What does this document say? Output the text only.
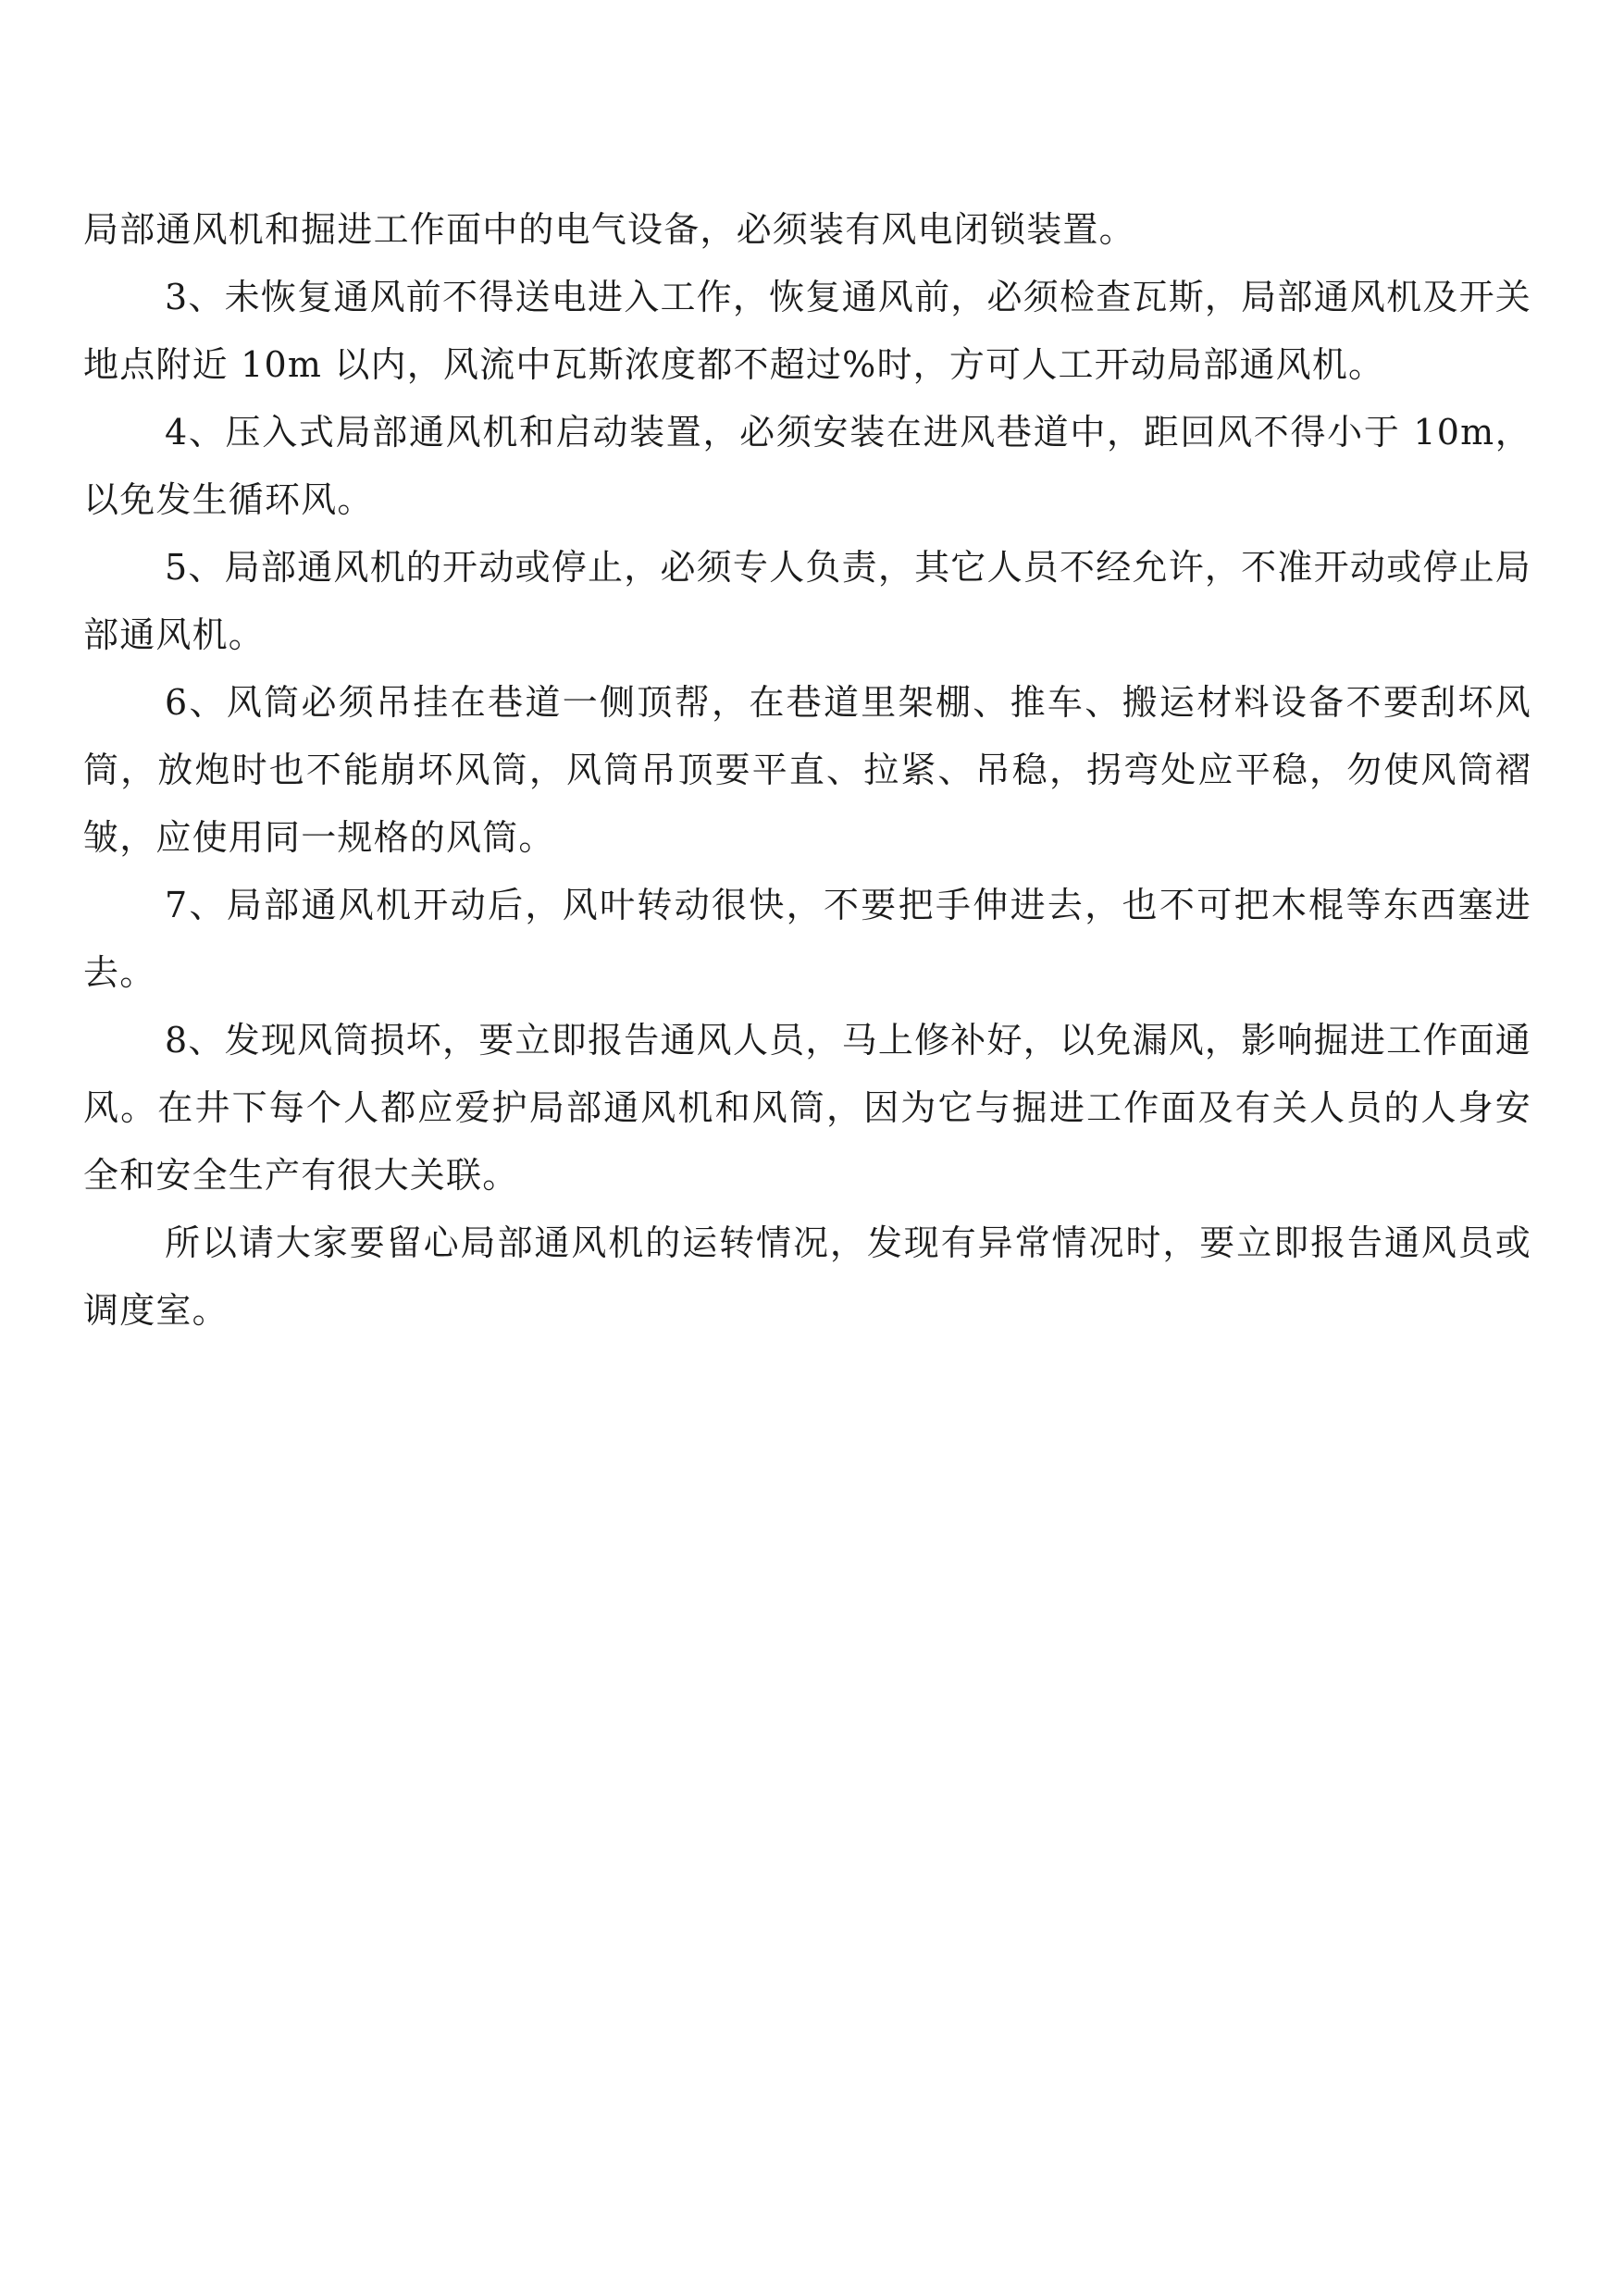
局部通风机和掘进工作面中的电气设备，必须装有风电闭锁装置。

3、未恢复通风前不得送电进入工作，恢复通风前，必须检查瓦斯，局部通风机及开关地点附近 10m 以内，风流中瓦斯浓度都不超过%时，方可人工开动局部通风机。

4、压入式局部通风机和启动装置，必须安装在进风巷道中，距回风不得小于 10m，以免发生循环风。

5、局部通风机的开动或停止，必须专人负责，其它人员不经允许，不准开动或停止局部通风机。

6、风筒必须吊挂在巷道一侧顶帮，在巷道里架棚、推车、搬运材料设备不要刮坏风筒，放炮时也不能崩坏风筒，风筒吊顶要平直、拉紧、吊稳，拐弯处应平稳，勿使风筒褶皱，应使用同一规格的风筒。

7、局部通风机开动后，风叶转动很快，不要把手伸进去，也不可把木棍等东西塞进去。

8、发现风筒损坏，要立即报告通风人员，马上修补好，以免漏风，影响掘进工作面通风。在井下每个人都应爱护局部通风机和风筒，因为它与掘进工作面及有关人员的人身安全和安全生产有很大关联。

所以请大家要留心局部通风机的运转情况，发现有异常情况时，要立即报告通风员或调度室。
